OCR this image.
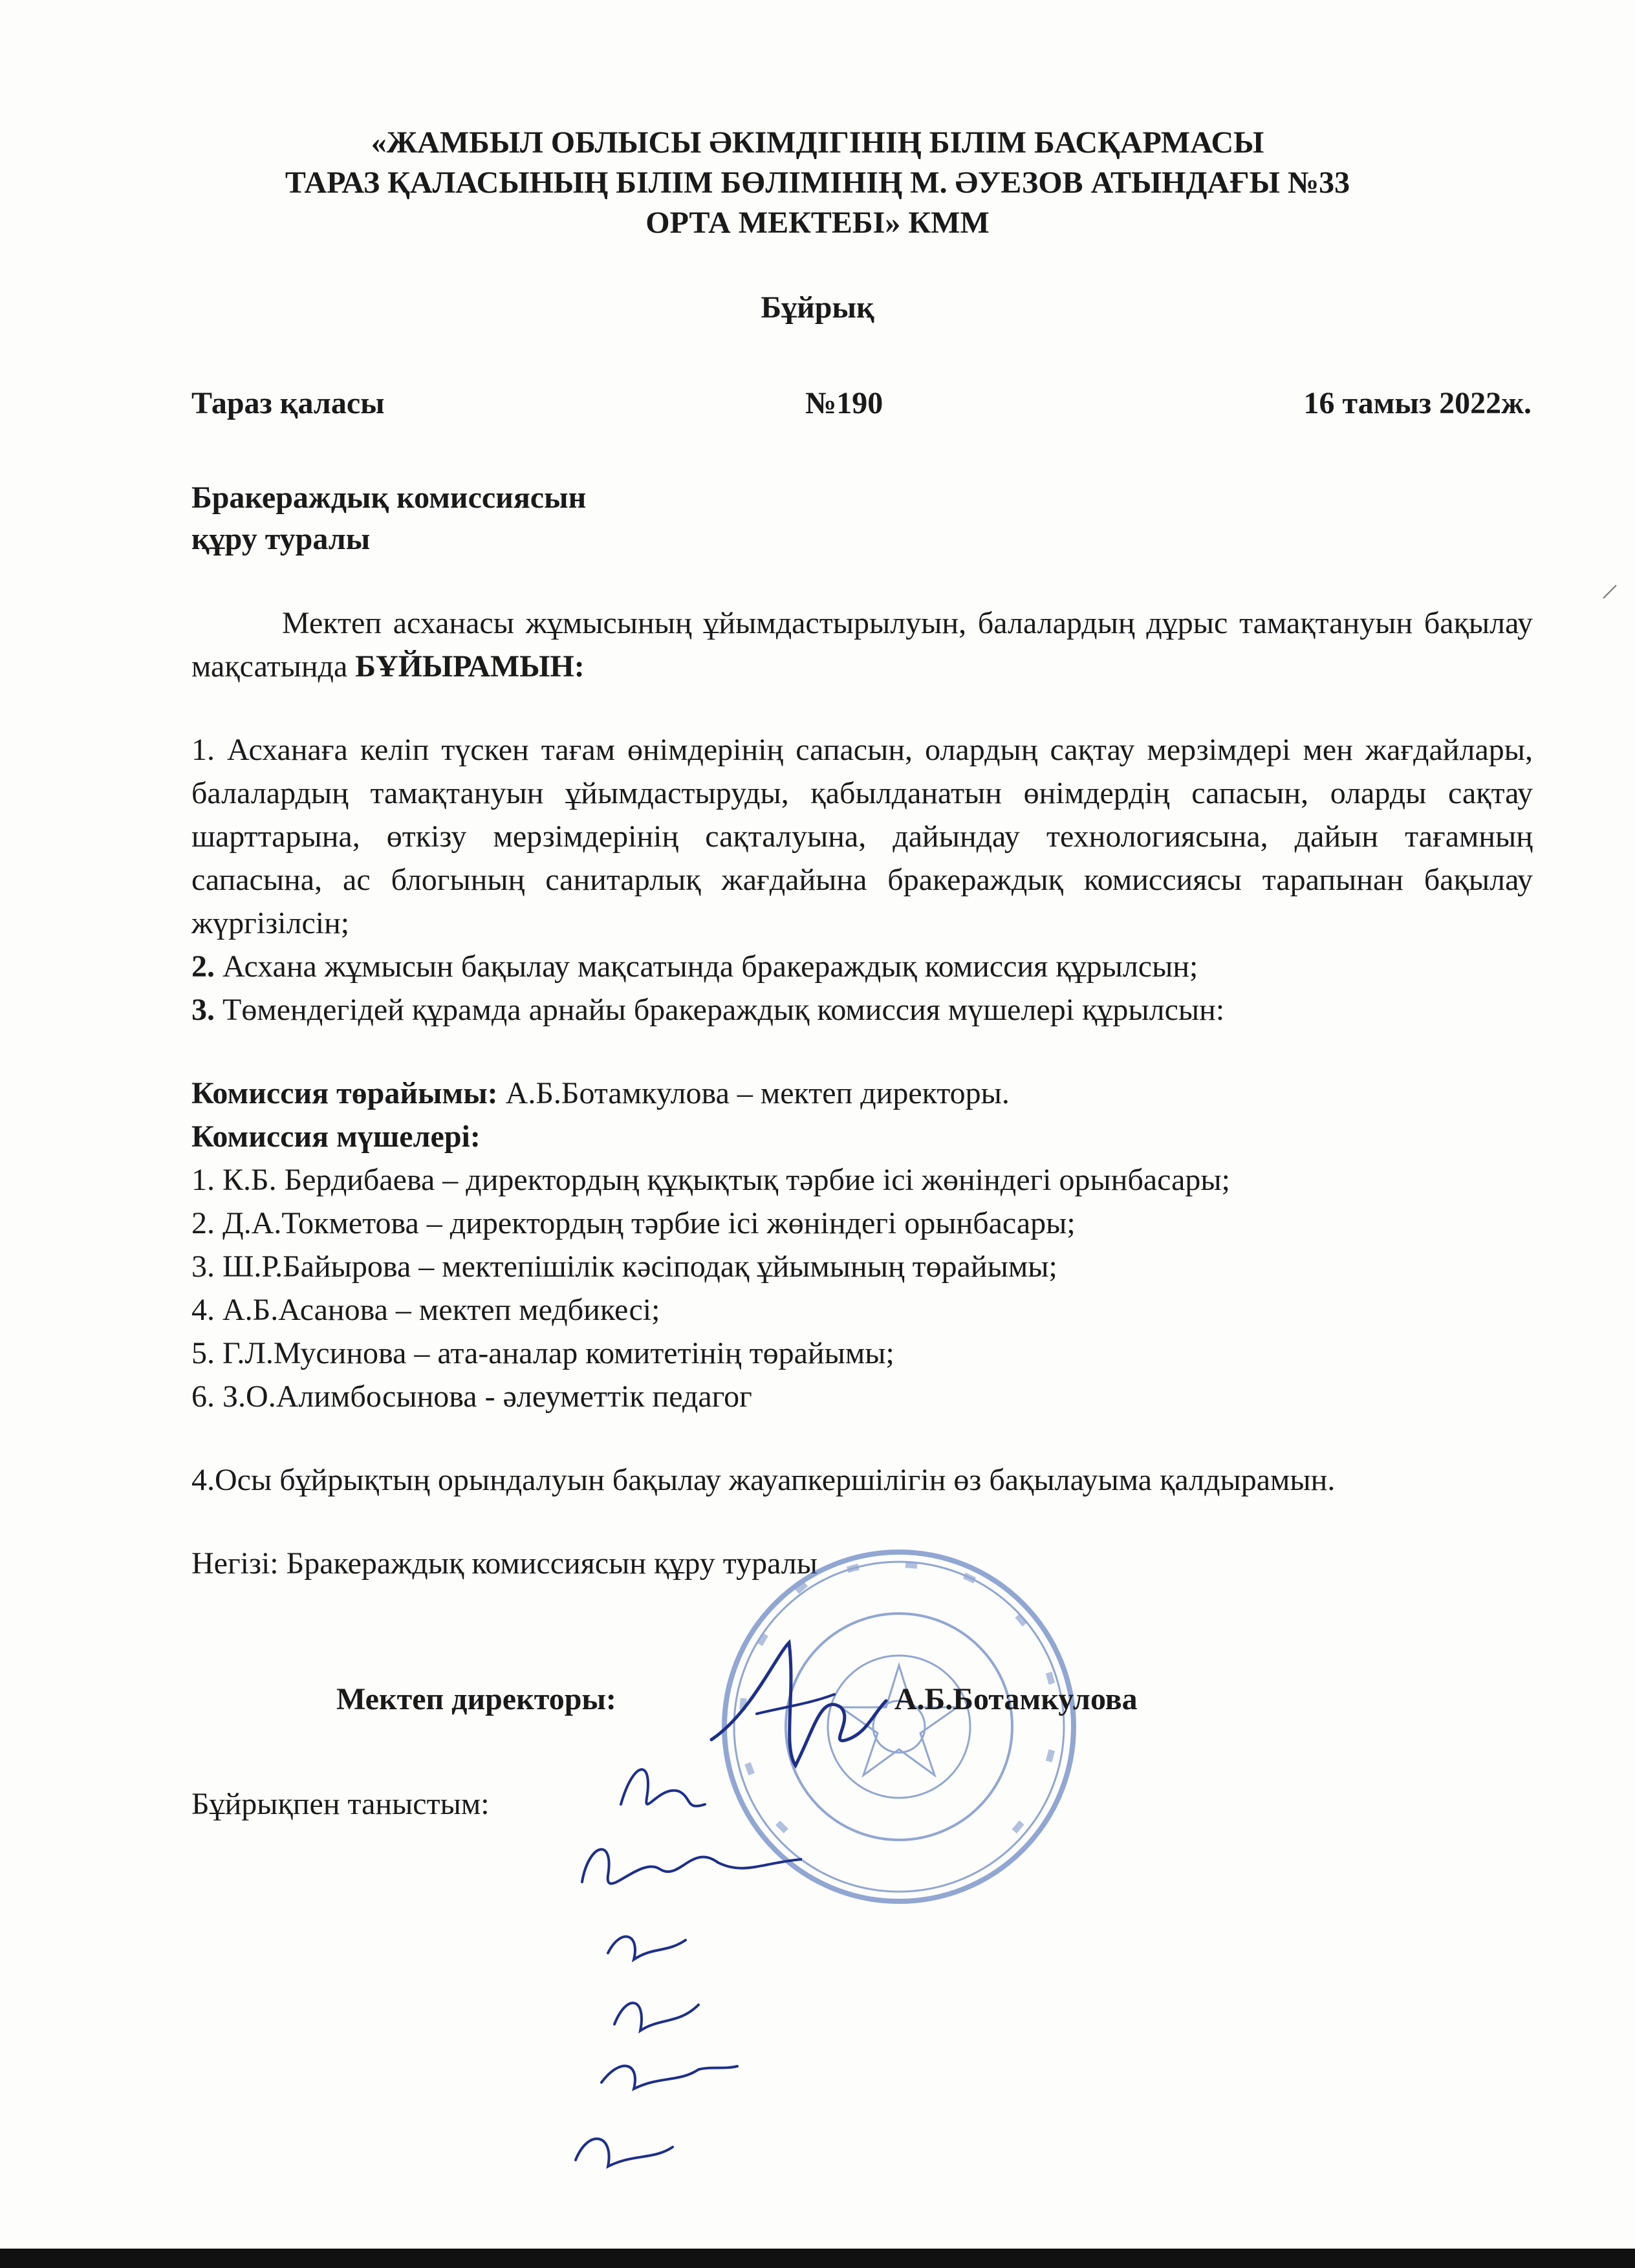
«ЖАМБЫЛ ОБЛЫСЫ ӘКІМДІГІНІҢ БІЛІМ БАСҚАРМАСЫ
ТАРАЗ ҚАЛАСЫНЫҢ БІЛІМ БӨЛІМІНІҢ М. ӘУЕЗОВ АТЫНДАҒЫ №33
ОРТА МЕКТЕБІ» КММ
Бұйрық
Тараз қаласы	№190	16 тамыз 2022ж.
Бракераждық комиссиясын
құру туралы

Мектеп асханасы жұмысының ұйымдастырылуын, балалардың дұрыс тамақтануын бақылау мақсатында БҰЙЫРАМЫН:

1. Асханаға келіп түскен тағам өнімдерінің сапасын, олардың сақтау мерзімдері мен жағдайлары, балалардың тамақтануын ұйымдастыруды, қабылданатын өнімдердің сапасын, оларды сақтау шарттарына, өткізу мерзімдерінің сақталуына, дайындау технологиясына, дайын тағамның сапасына, ас блогының санитарлық жағдайына бракераждық комиссиясы тарапынан бақылау жүргізілсін;

2. Асхана жұмысын бақылау мақсатында бракераждық комиссия құрылсын;

3. Төмендегідей құрамда арнайы бракераждық комиссия мүшелері құрылсын:

Комиссия төрайымы: А.Б.Ботамкулова – мектеп директоры.

Комиссия мүшелері:

1. К.Б. Бердибаева – директордың құқықтық тәрбие ісі жөніндегі орынбасары;
2. Д.А.Токметова – директордың тәрбие ісі жөніндегі орынбасары;
3. Ш.Р.Байырова – мектепішілік кәсіподақ ұйымының төрайымы;
4. А.Б.Асанова – мектеп медбикесі;
5. Г.Л.Мусинова – ата-аналар комитетінің төрайымы;
6. З.О.Алимбосынова - әлеуметтік педагог

4.Осы бұйрықтың орындалуын бақылау жауапкершілігін өз бақылауыма қалдырамын.

Негізі: Бракераждық комиссиясын құру туралы

Мектеп директоры:	А.Б.Ботамкулова
Бұйрықпен таныстым:
